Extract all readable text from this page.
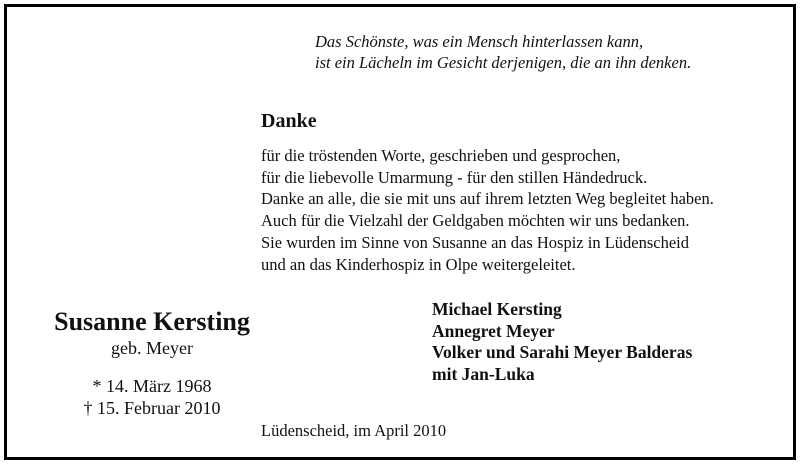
Das Schönste, was ein Mensch hinterlassen kann,
ist ein Lächeln im Gesicht derjenigen, die an ihn denken.
Danke
für die tröstenden Worte, geschrieben und gesprochen,
für die liebevolle Umarmung - für den stillen Händedruck.
Danke an alle, die sie mit uns auf ihrem letzten Weg begleitet haben.
Auch für die Vielzahl der Geldgaben möchten wir uns bedanken.
Sie wurden im Sinne von Susanne an das Hospiz in Lüdenscheid
und an das Kinderhospiz in Olpe weitergeleitet.
Susanne Kersting
geb. Meyer
* 14. März 1968
† 15. Februar 2010
Michael Kersting
Annegret Meyer
Volker und Sarahi Meyer Balderas
mit Jan-Luka
Lüdenscheid, im April 2010
